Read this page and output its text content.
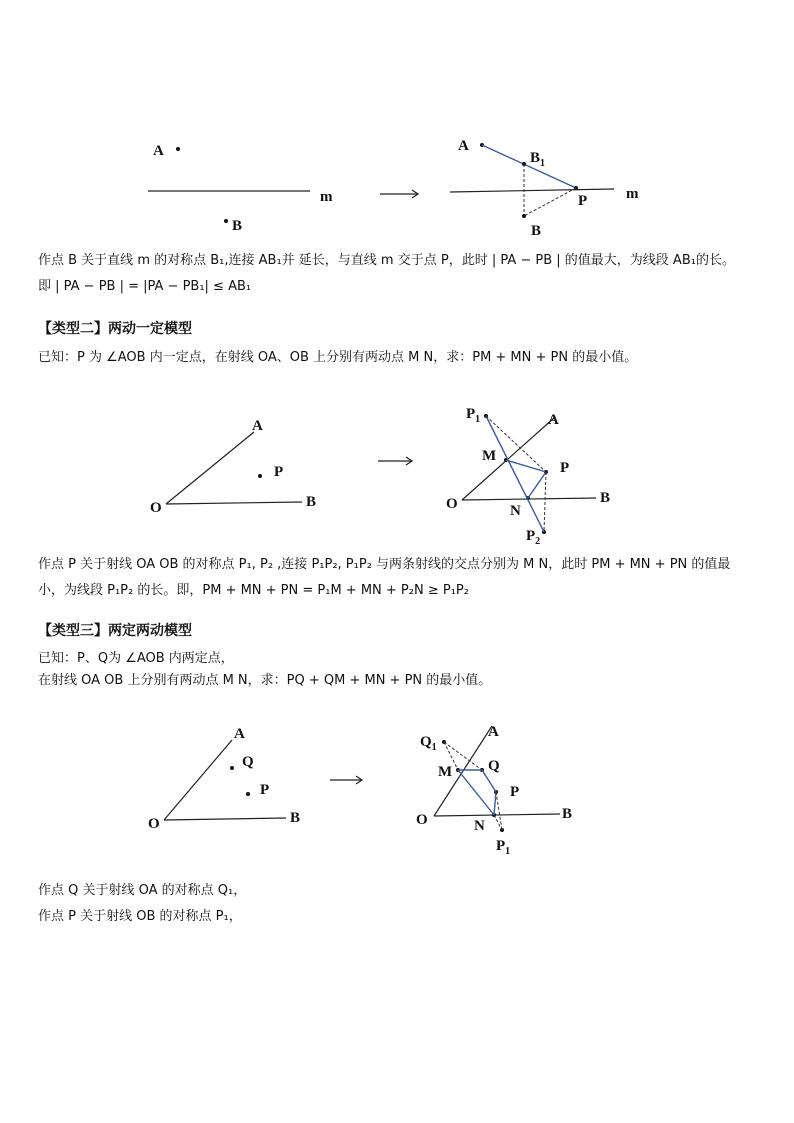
A
m
B
A
$B_1$
m
P
B
作点 B 关于直线 m 的对称点 B₁,连接 AB₁并 延长，与直线 m 交于点 P，此时 | PA − PB | 的值最大，为线段 AB₁的长。
即 | PA − PB | = |PA − PB₁| ≤ AB₁
【类型二】两动一定模型
已知：P 为 ∠AOB 内一定点，在射线 OA、OB 上分别有两动点 M N，求：PM + MN + PN 的最小值。
A
P
O	B
A
$P_1$
M
P
O	B
N
$P_2$
作点 P 关于射线 OA OB 的对称点 P₁, P₂ ,连接 P₁P₂, P₁P₂ 与两条射线的交点分别为 M N，此时 PM + MN + PN 的值最
小，为线段 P₁P₂ 的长。即，PM + MN + PN = P₁M + MN + P₂N ≥ P₁P₂
【类型三】两定两动模型
已知：P、Q为 ∠AOB 内两定点，
在射线 OA OB 上分别有两动点 M N，求：PQ + QM + MN + PN 的最小值。
A
Q
P
O	B
A
$Q_1$
M Q
P
O	B
N
$P_1$
作点 Q 关于射线 OA 的对称点 Q₁，
作点 P 关于射线 OB 的对称点 P₁，
